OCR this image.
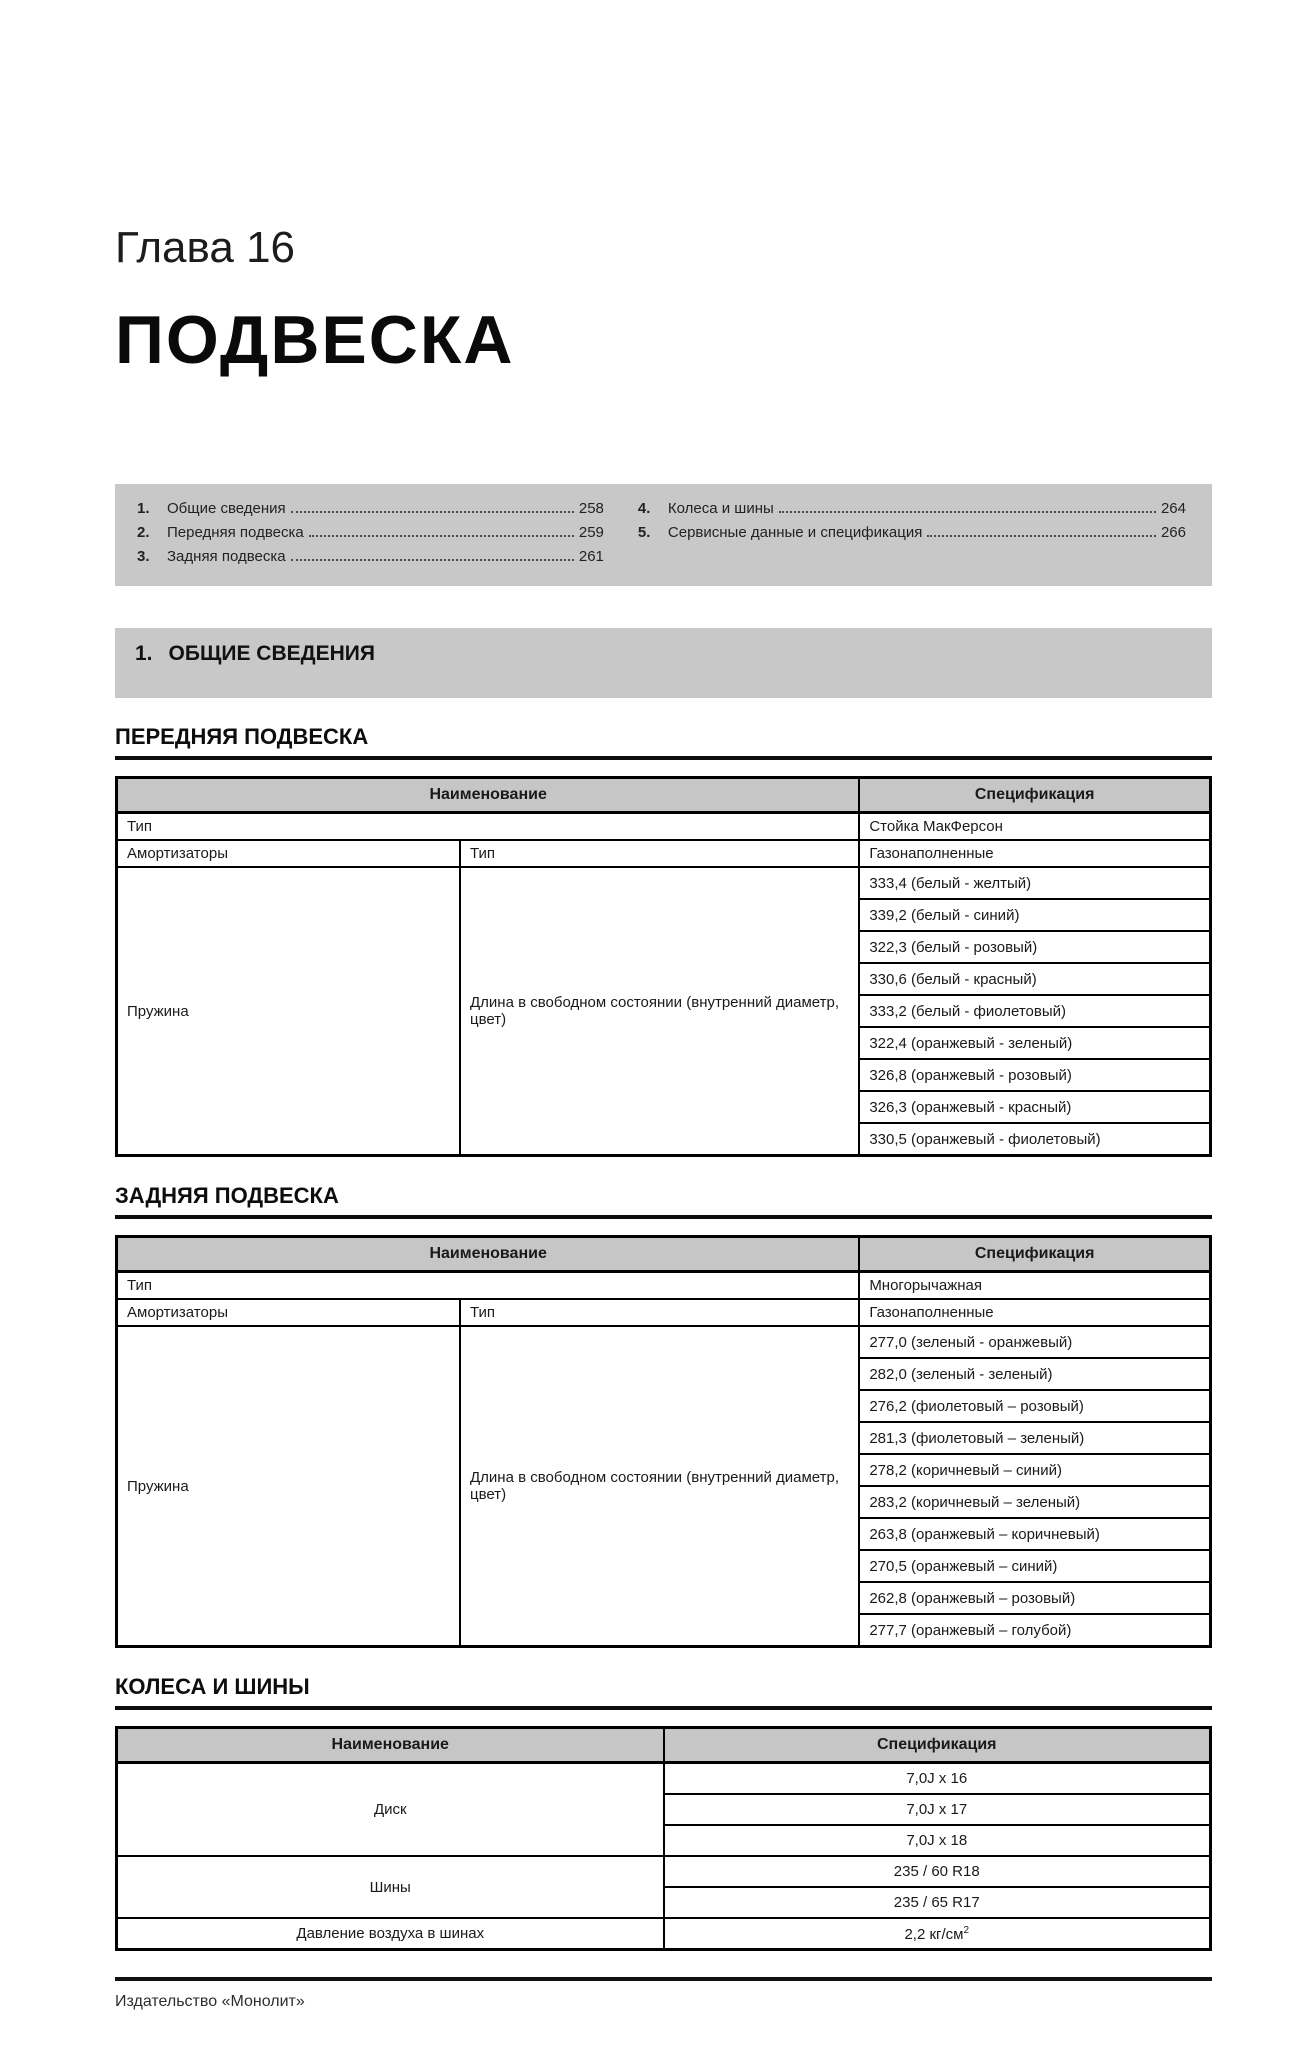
Глава 16
ПОДВЕСКА
1.	Общие сведения	258
2.	Передняя подвеска	259
3.	Задняя подвеска	261
4.	Колеса и шины	264
5.	Сервисные данные и спецификация	266
1. ОБЩИЕ СВЕДЕНИЯ
ПЕРЕДНЯЯ ПОДВЕСКА
Наименование		Спецификация
Тип		Стойка МакФерсон
Амортизаторы	Тип	Газонаполненные
Пружина	Длина в свободном состоянии (внутренний диаметр, цвет)	333,4 (белый - желтый)
		339,2 (белый - синий)
		322,3 (белый - розовый)
		330,6 (белый - красный)
		333,2 (белый - фиолетовый)
		322,4 (оранжевый - зеленый)
		326,8 (оранжевый - розовый)
		326,3 (оранжевый - красный)
		330,5 (оранжевый - фиолетовый)
ЗАДНЯЯ ПОДВЕСКА
Наименование		Спецификация
Тип		Многорычажная
Амортизаторы	Тип	Газонаполненные
Пружина	Длина в свободном состоянии (внутренний диаметр, цвет)	277,0 (зеленый - оранжевый)
		282,0 (зеленый - зеленый)
		276,2 (фиолетовый – розовый)
		281,3 (фиолетовый – зеленый)
		278,2 (коричневый – синий)
		283,2 (коричневый – зеленый)
		263,8 (оранжевый – коричневый)
		270,5 (оранжевый – синий)
		262,8 (оранжевый – розовый)
		277,7 (оранжевый – голубой)
КОЛЕСА И ШИНЫ
Наименование	Спецификация
Диск	7,0J x 16
	7,0J x 17
	7,0J x 18
Шины	235 / 60 R18
	235 / 65 R17
Давление воздуха в шинах	2,2 $кг/см^2$
Издательство «Монолит»
